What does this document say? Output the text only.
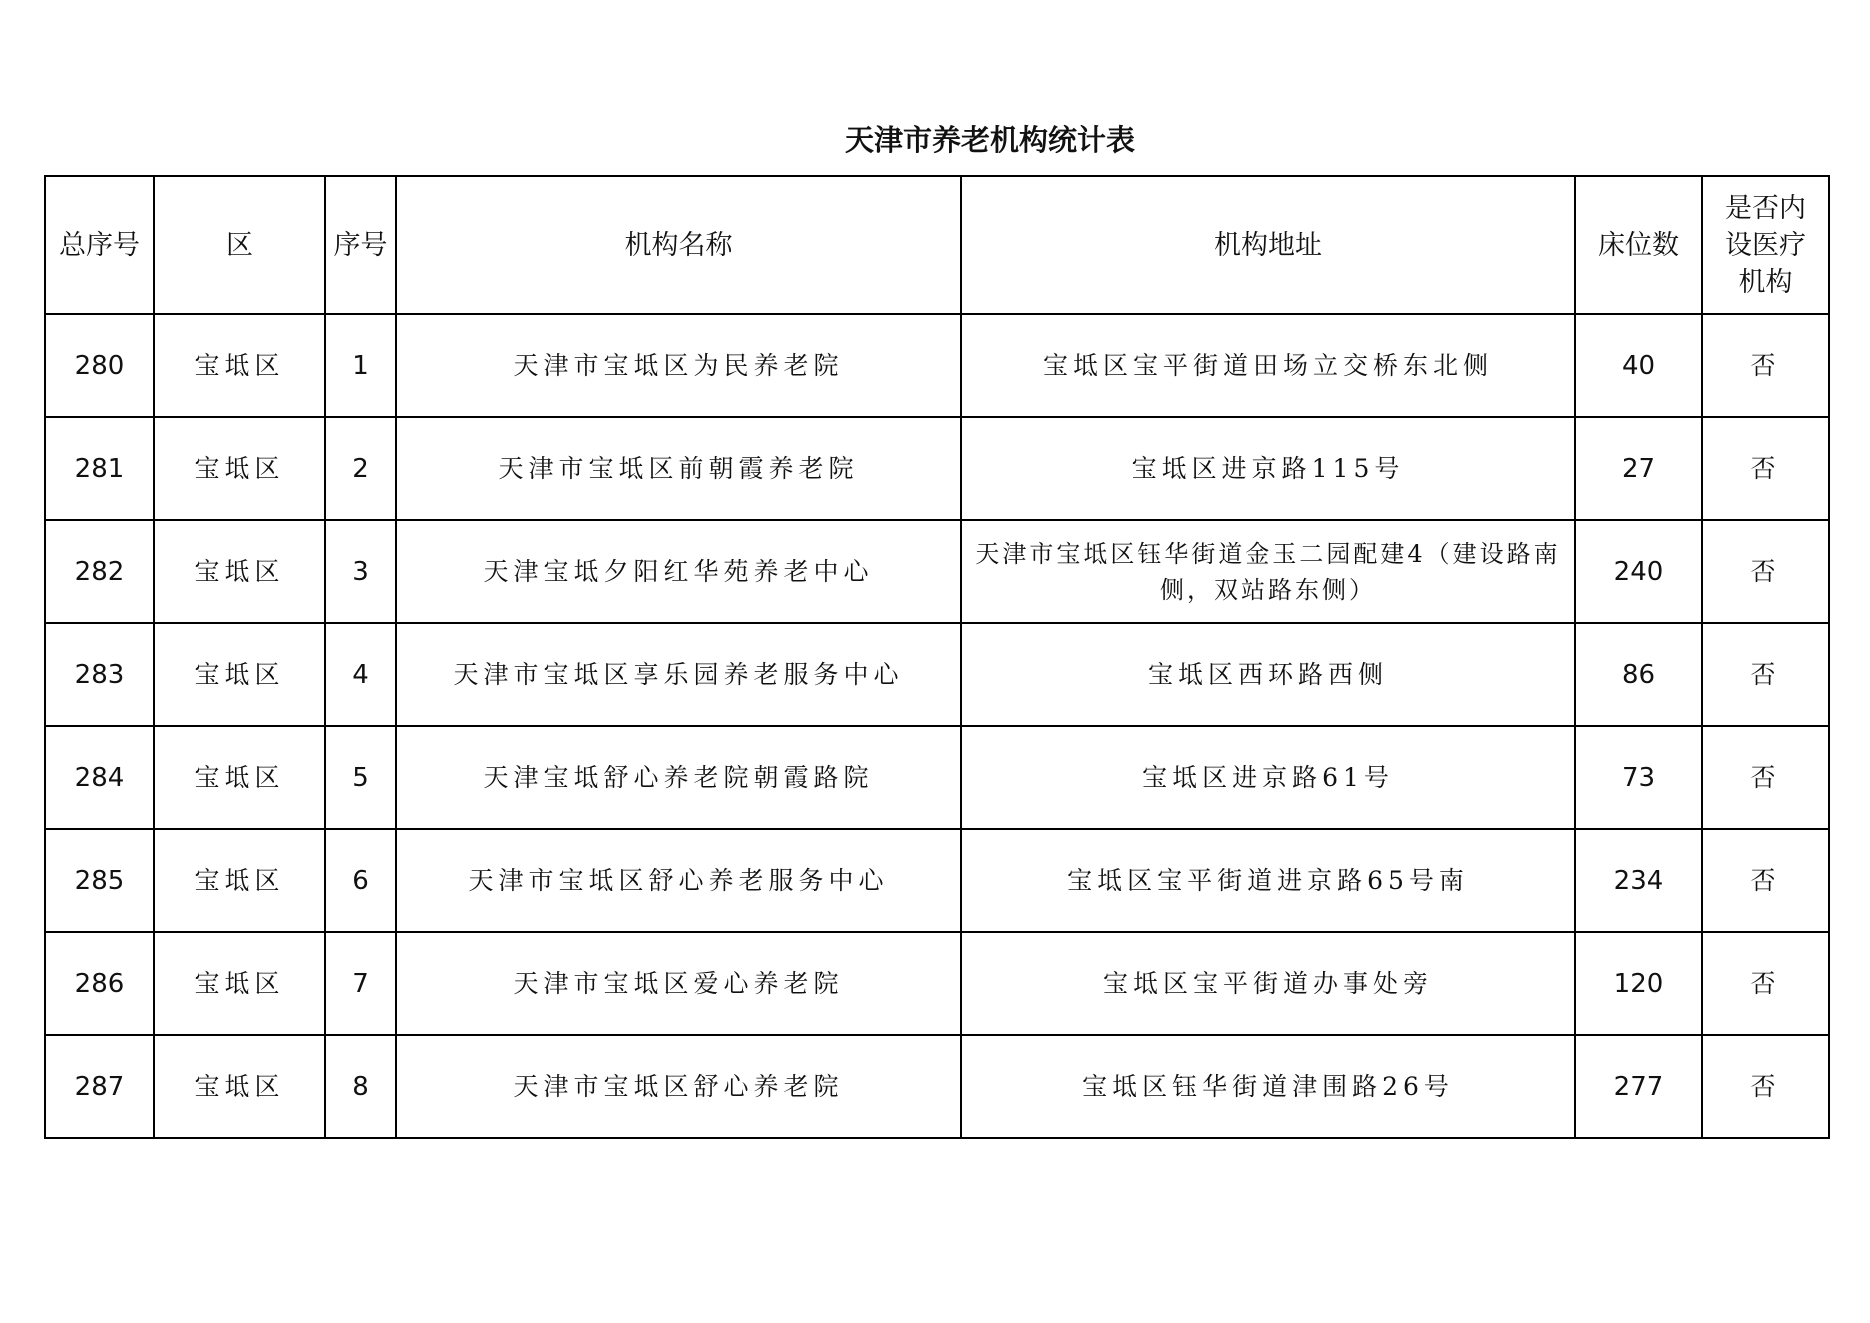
天津市养老机构统计表
总序号	区	序号	机构名称	机构地址	床位数	是否内设医疗机构
280	宝坻区	1	天津市宝坻区为民养老院	宝坻区宝平街道田场立交桥东北侧	40	否
281	宝坻区	2	天津市宝坻区前朝霞养老院	宝坻区进京路115号	27	否
282	宝坻区	3	天津宝坻夕阳红华苑养老中心	天津市宝坻区钰华街道金玉二园配建4（建设路南侧，双站路东侧）	240	否
283	宝坻区	4	天津市宝坻区享乐园养老服务中心	宝坻区西环路西侧	86	否
284	宝坻区	5	天津宝坻舒心养老院朝霞路院	宝坻区进京路61号	73	否
285	宝坻区	6	天津市宝坻区舒心养老服务中心	宝坻区宝平街道进京路65号南	234	否
286	宝坻区	7	天津市宝坻区爱心养老院	宝坻区宝平街道办事处旁	120	否
287	宝坻区	8	天津市宝坻区舒心养老院	宝坻区钰华街道津围路26号	277	否
